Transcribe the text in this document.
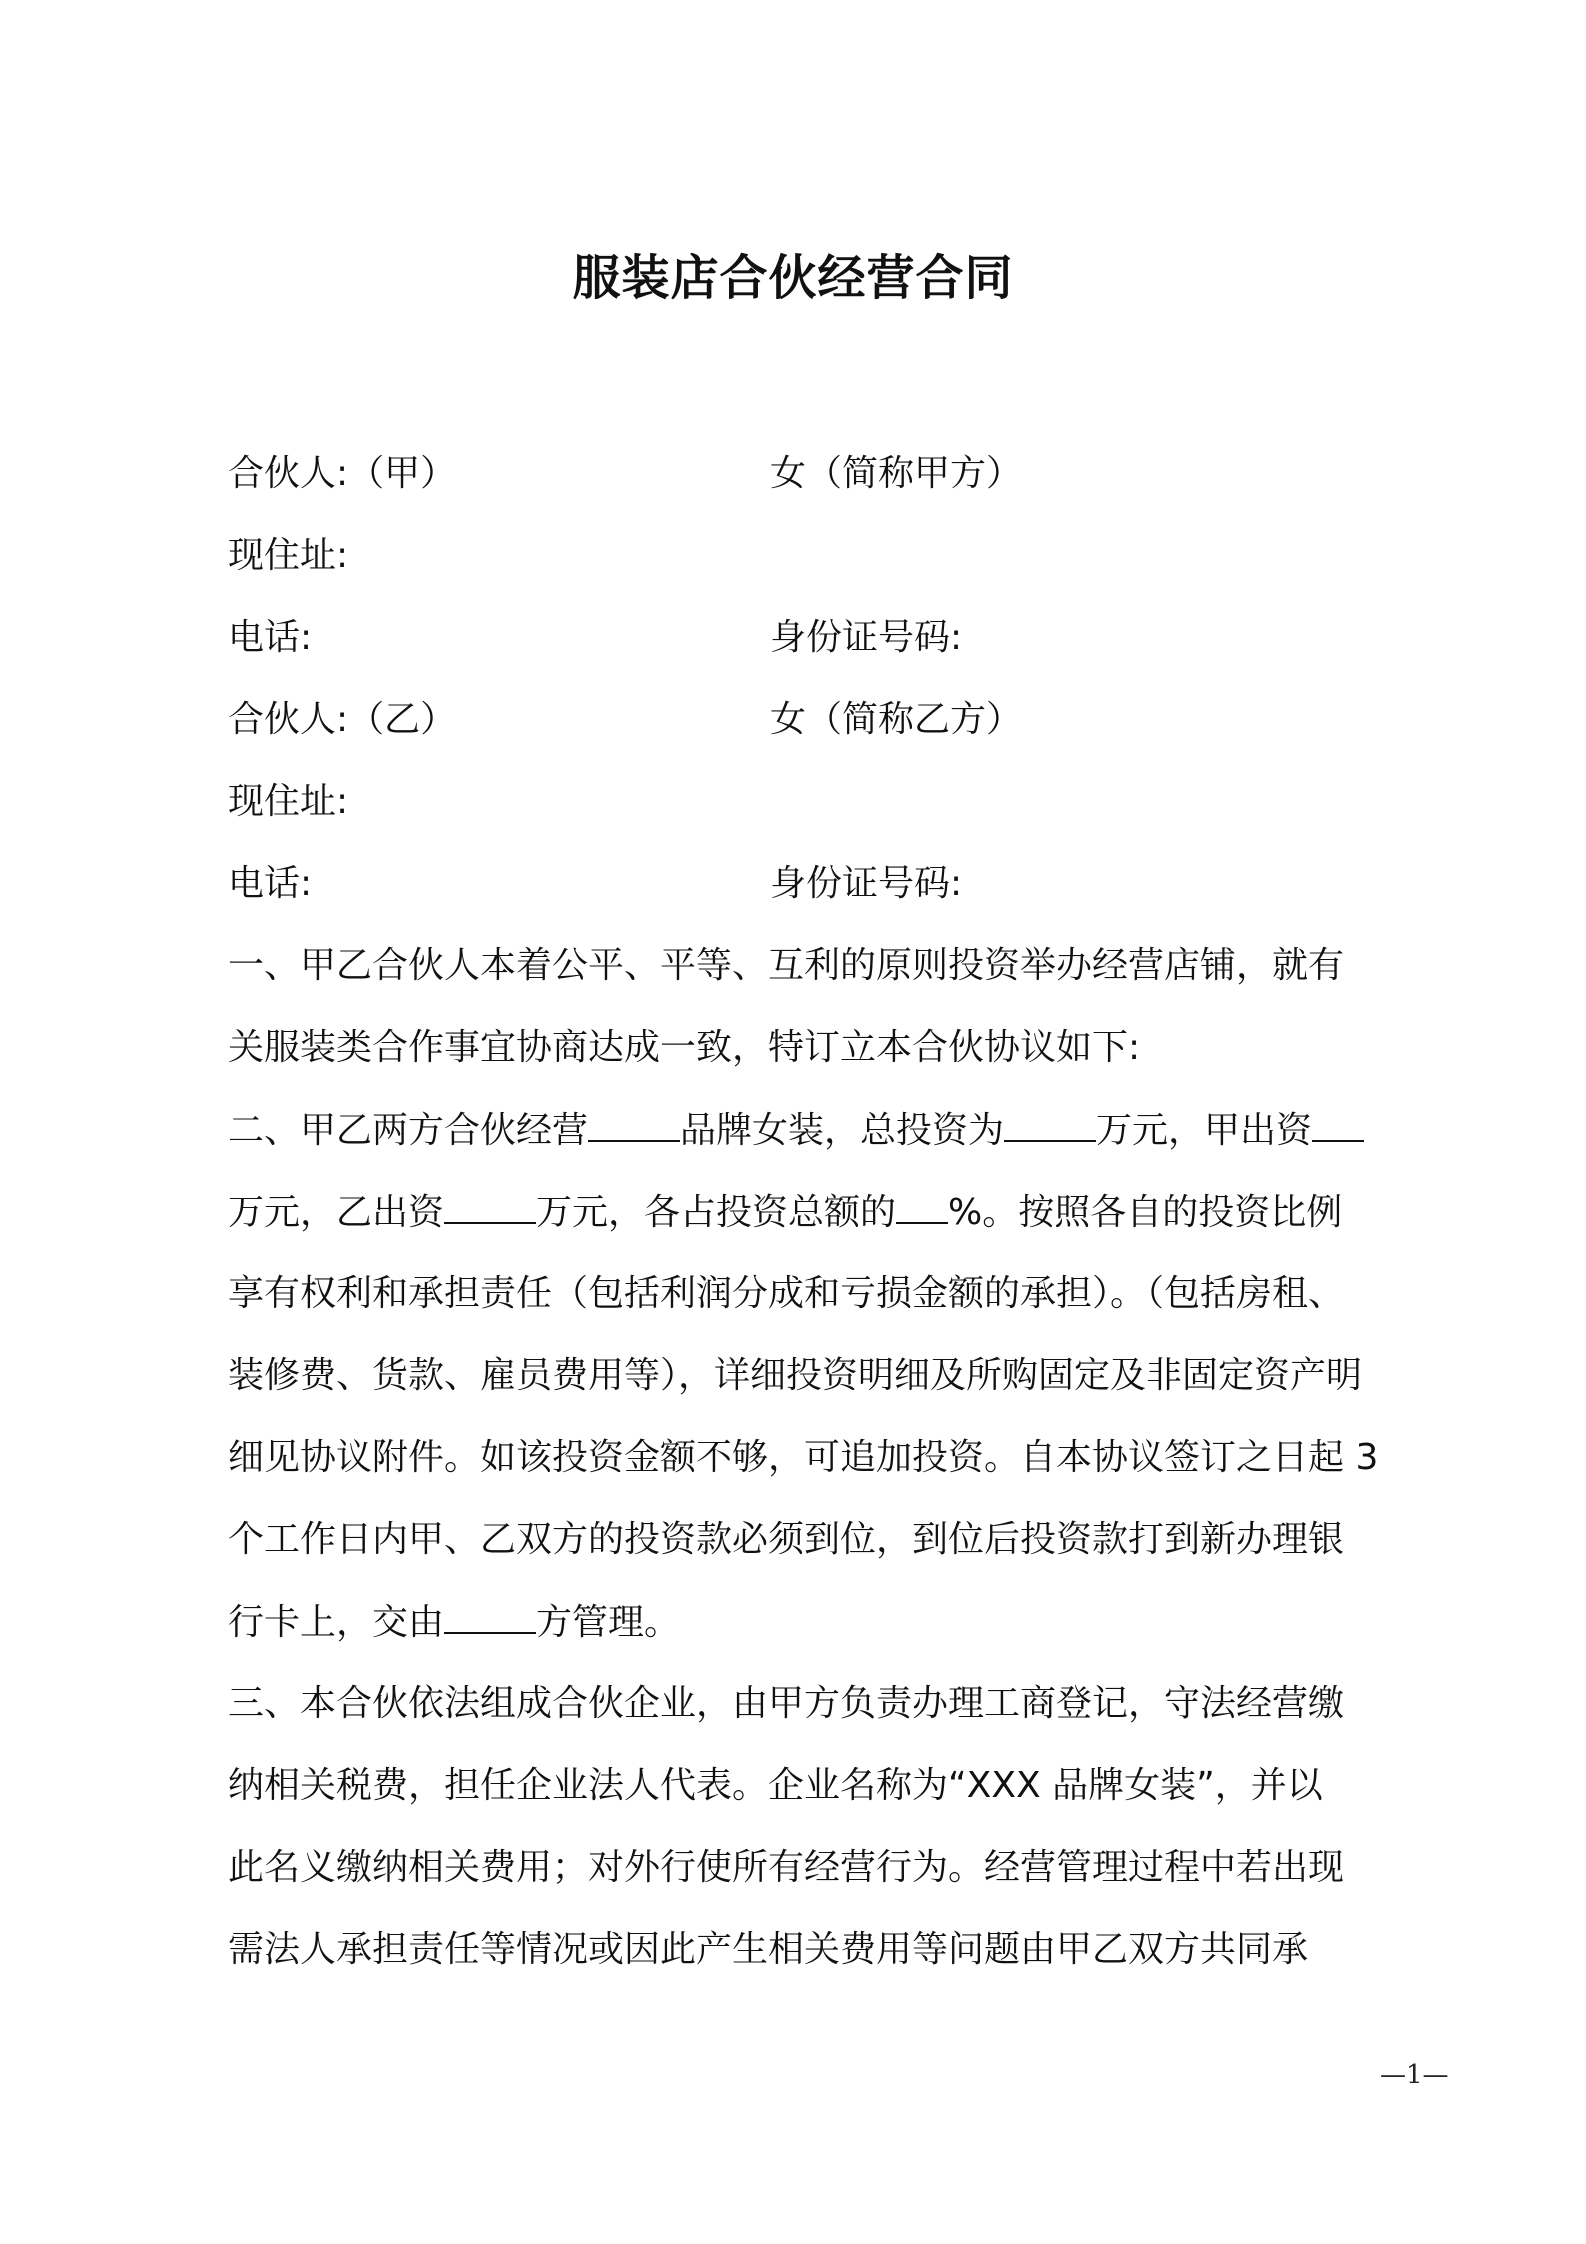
服装店合伙经营合同
合伙人:（甲）	女（简称甲方）
现住址:
电话:	身份证号码:
合伙人:（乙）	女（简称乙方）
现住址:
电话:	身份证号码:
一、甲乙合伙人本着公平、平等、互利的原则投资举办经营店铺，就有
关服装类合作事宜协商达成一致，特订立本合伙协议如下:
二、甲乙两方合伙经营	品牌女装，总投资为	万元，甲出资
万元，乙出资	万元，各占投资总额的 %。按照各自的投资比例
享有权利和承担责任（包括利润分成和亏损金额的承担）。（包括房租、
装修费、货款、雇员费用等），详细投资明细及所购固定及非固定资产明
细见协议附件。如该投资金额不够，可追加投资。自本协议签订之日起 3
个工作日内甲、乙双方的投资款必须到位，到位后投资款打到新办理银
行卡上，交由	方管理。
三、本合伙依法组成合伙企业，由甲方负责办理工商登记，守法经营缴
纳相关税费，担任企业法人代表。企业名称为“XXX 品牌女装”，并以
此名义缴纳相关费用；对外行使所有经营行为。经营管理过程中若出现
需法人承担责任等情况或因此产生相关费用等问题由甲乙双方共同承
—1—
